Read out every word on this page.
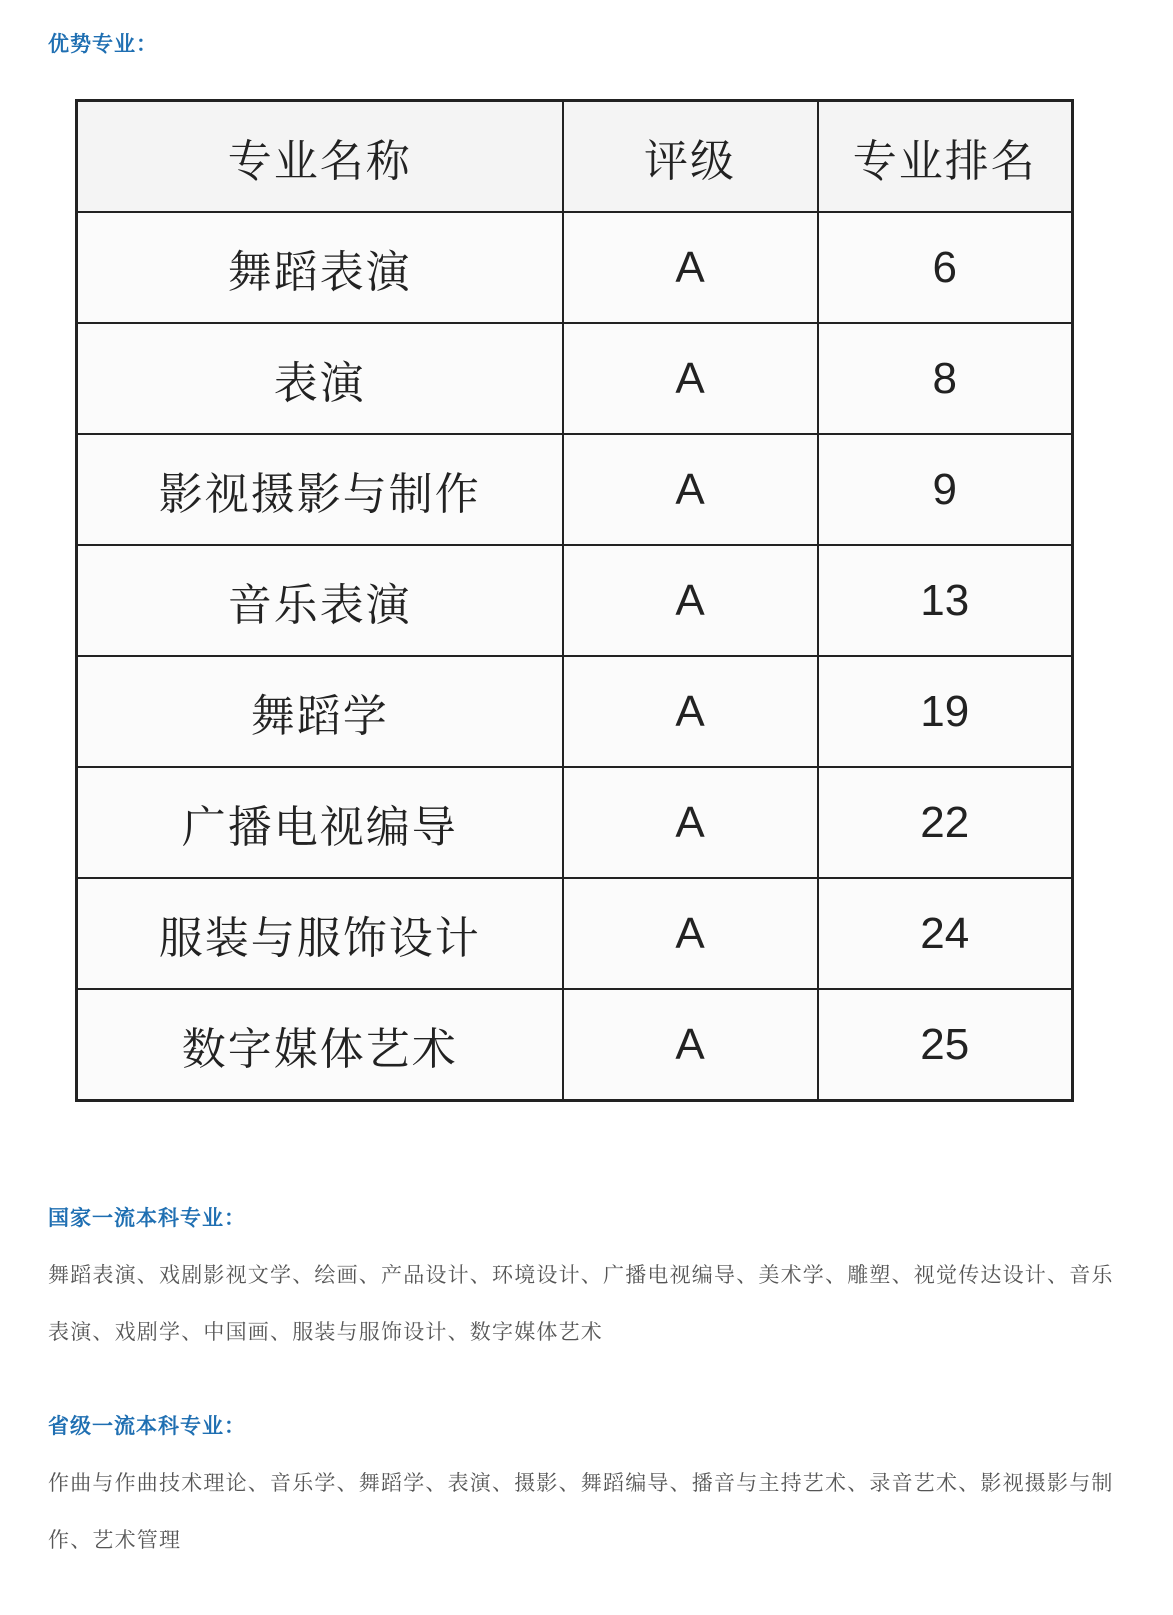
优势专业：
专业名称	评级	专业排名
舞蹈表演	A	6
表演	A	8
影视摄影与制作	A	9
音乐表演	A	13
舞蹈学	A	19
广播电视编导	A	22
服装与服饰设计	A	24
数字媒体艺术	A	25
国家一流本科专业：

舞蹈表演、戏剧影视文学、绘画、产品设计、环境设计、广播电视编导、美术学、雕塑、视觉传达设计、音乐表演、戏剧学、中国画、服装与服饰设计、数字媒体艺术

省级一流本科专业：

作曲与作曲技术理论、音乐学、舞蹈学、表演、摄影、舞蹈编导、播音与主持艺术、录音艺术、影视摄影与制作、艺术管理
